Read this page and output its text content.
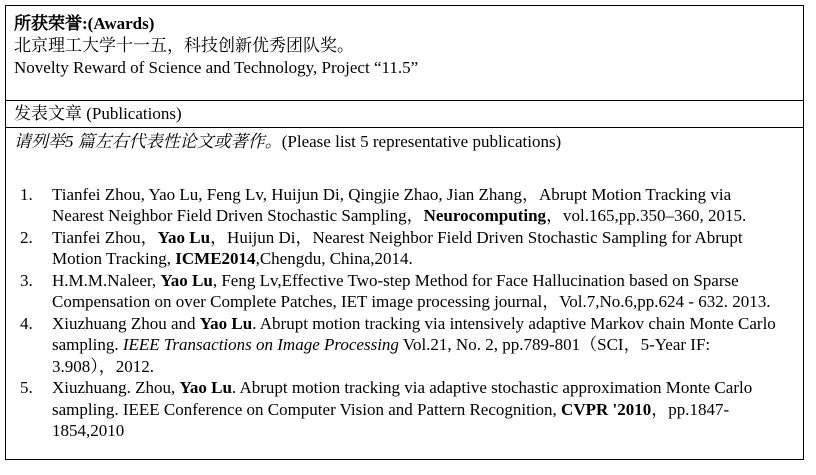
所获荣誉:(Awards)
北京理工大学十一五，科技创新优秀团队奖。
Novelty Reward of Science and Technology, Project “11.5”
发表文章 (Publications)

请列举5 篇左右代表性论文或著作。(Please list 5 representative publications)

Tianfei Zhou, Yao Lu, Feng Lv, Huijun Di, Qingjie Zhao, Jian Zhang，Abrupt Motion Tracking via Nearest Neighbor Field Driven Stochastic Sampling，Neurocomputing，vol.165,pp.350–360, 2015.
Tianfei Zhou，Yao Lu，Huijun Di，Nearest Neighbor Field Driven Stochastic Sampling for Abrupt Motion Tracking, ICME2014,Chengdu, China,2014.
H.M.M.Naleer, Yao Lu, Feng Lv,Effective Two-step Method for Face Hallucination based on Sparse Compensation on over Complete Patches, IET image processing journal，Vol.7,No.6,pp.624 - 632. 2013.
Xiuzhuang Zhou and Yao Lu. Abrupt motion tracking via intensively adaptive Markov chain Monte Carlo sampling. IEEE Transactions on Image Processing Vol.21, No. 2, pp.789-801（SCI，5-Year IF: 3.908），2012.
Xiuzhuang. Zhou, Yao Lu. Abrupt motion tracking via adaptive stochastic approximation Monte Carlo sampling. IEEE Conference on Computer Vision and Pattern Recognition, CVPR '2010，pp.1847-1854,2010
